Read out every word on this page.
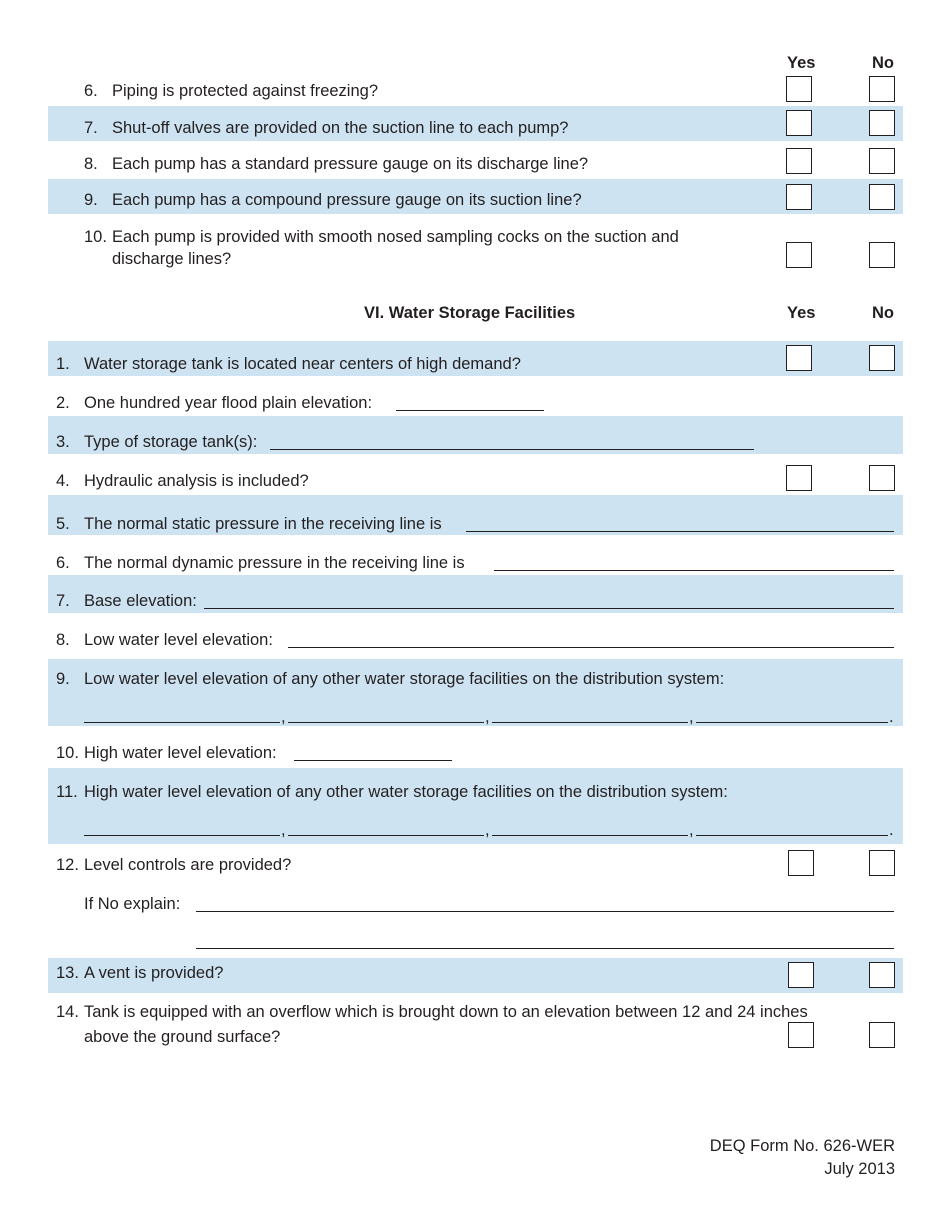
Yes	No
6. Piping is protected against freezing?
7. Shut-off valves are provided on the suction line to each pump?
8. Each pump has a standard pressure gauge on its discharge line?
9. Each pump has a compound pressure gauge on its suction line?
10. Each pump is provided with smooth nosed sampling cocks on the suction and
discharge lines?
VI. Water Storage Facilities	Yes	No
1. Water storage tank is located near centers of high demand?
2. One hundred year flood plain elevation:
3. Type of storage tank(s):
4. Hydraulic analysis is included?
5. The normal static pressure in the receiving line is
6. The normal dynamic pressure in the receiving line is
7. Base elevation:
8. Low water level elevation:
9. Low water level elevation of any other water storage facilities on the distribution system:
,	,	,	.
10. High water level elevation:
11. High water level elevation of any other water storage facilities on the distribution system:
,	,	,	.
12. Level controls are provided?
If No explain:
13. A vent is provided?
14. Tank is equipped with an overflow which is brought down to an elevation between 12 and 24 inches
above the ground surface?
DEQ Form No. 626-WER
July 2013
